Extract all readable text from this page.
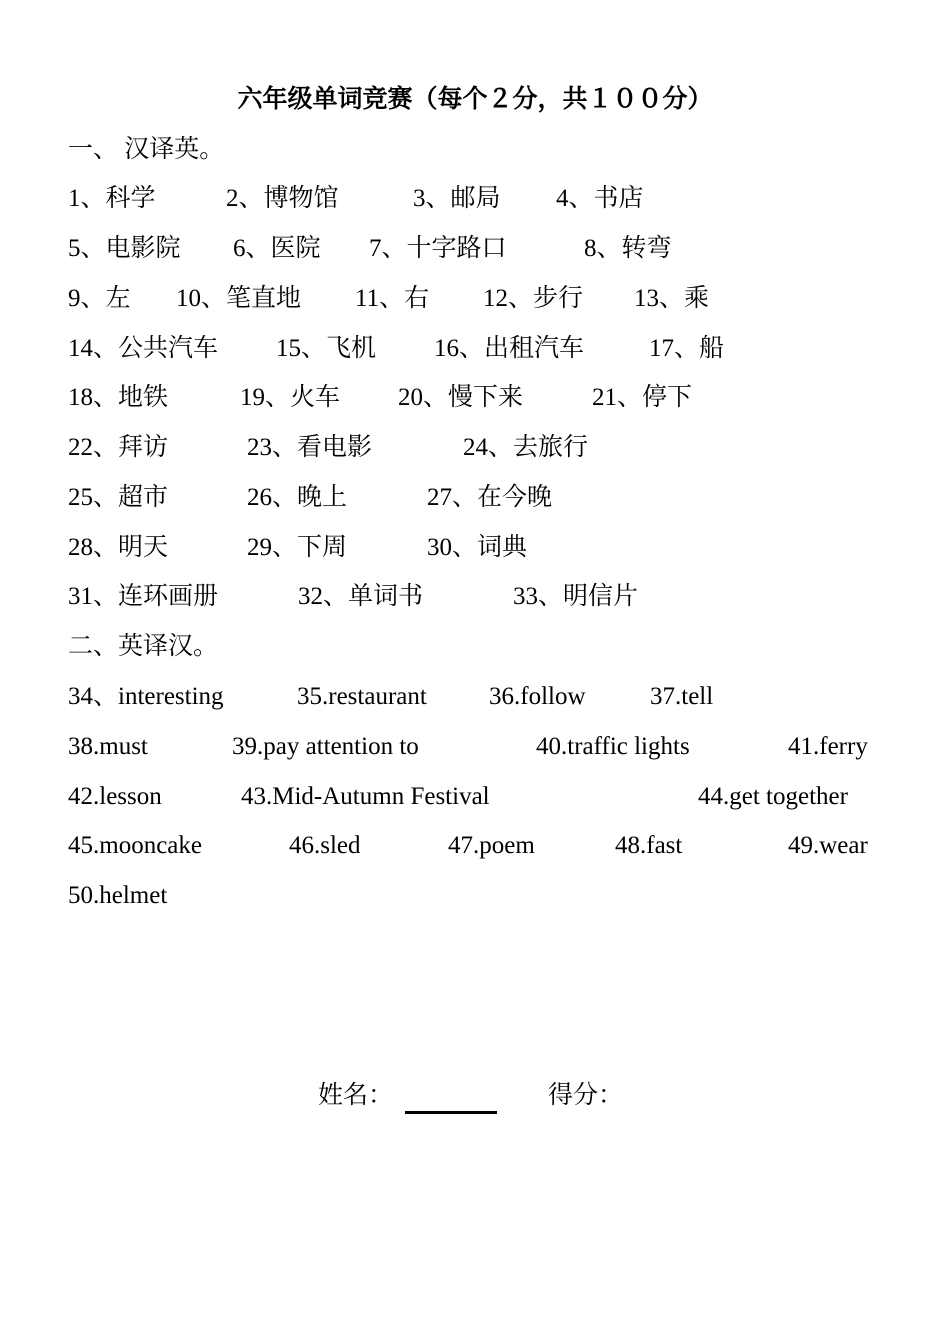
六年级单词竞赛（每个２分，共１００分）
一、 汉译英。
1、科学	2、博物馆	3、邮局 4、书店
5、电影院 6、医院 7、十字路口	8、转弯
9、左 10、笔直地 11、右 12、步行 13、乘
14、公共汽车 15、飞机 16、出租汽车	17、船
18、地铁	19、火车 20、慢下来	21、停下
22、拜访	23、看电影	24、去旅行
25、超市	26、晚上	27、在今晚
28、明天	29、下周	30、词典
31、连环画册	32、单词书	33、明信片
二、英译汉。
34、interesting	35.restaurant 36.follow	37.tell
38.must	39.pay attention to	40.traffic lights	41.ferry
42.lesson	43.Mid-Autumn Festival	44.get together
45.mooncake	46.sled	47.poem	48.fast	49.wear
50.helmet
姓名：	得分：
